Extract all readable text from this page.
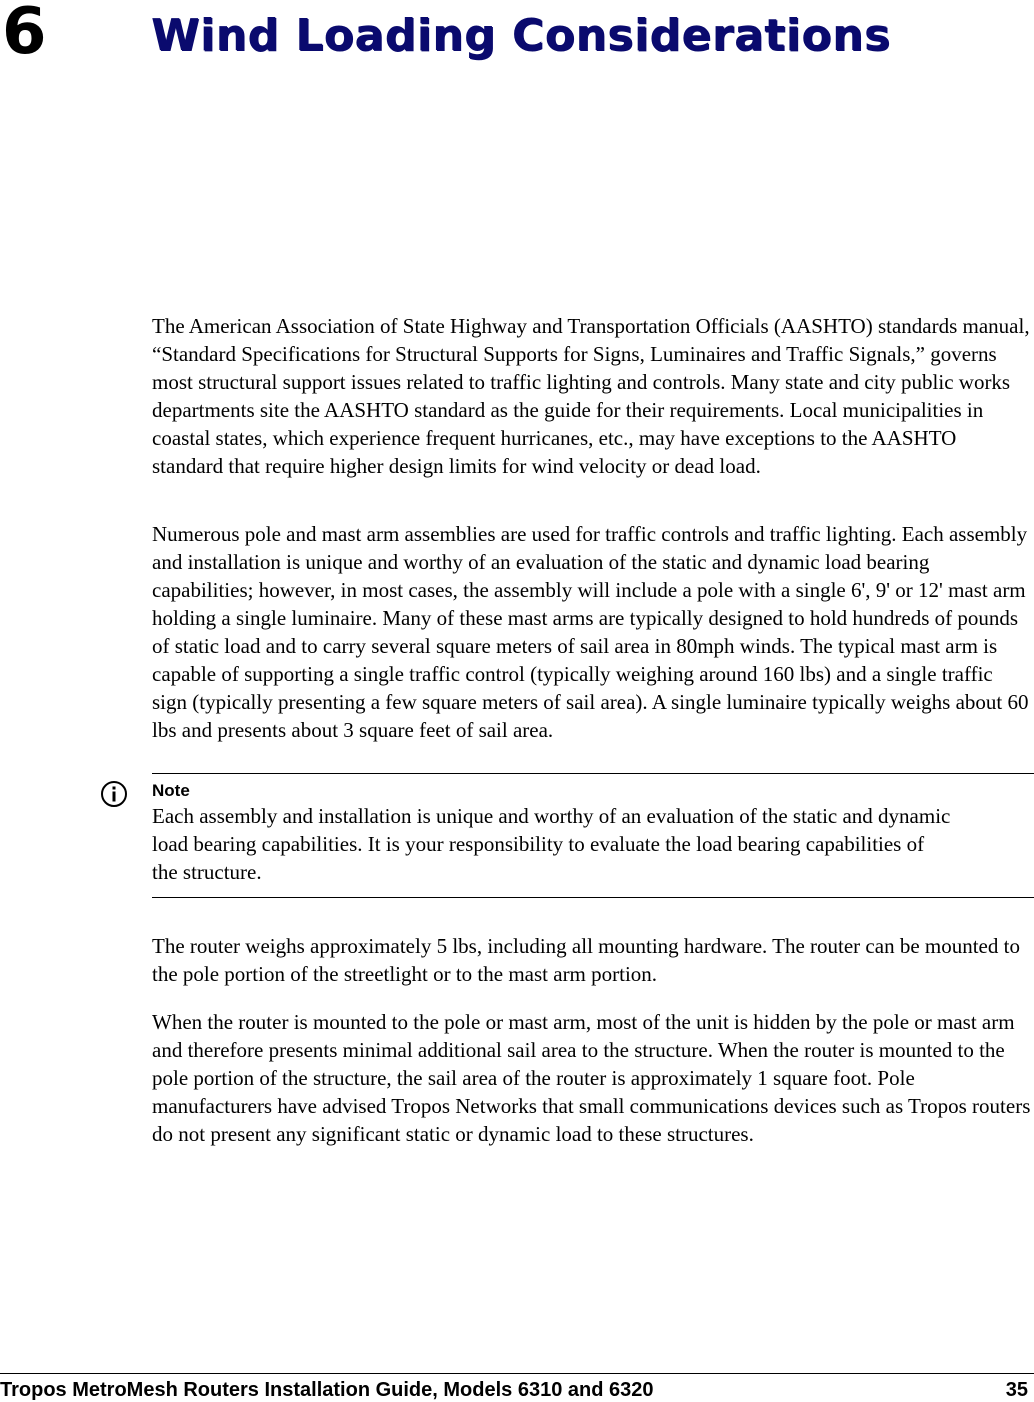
6 Wind Loading Considerations

The American Association of State Highway and Transportation Officials (AASHTO) standards manual, “Standard Specifications for Structural Supports for Signs, Luminaires and Traffic Signals,” governs most structural support issues related to traffic lighting and controls. Many state and city public works departments site the AASHTO standard as the guide for their requirements. Local municipalities in coastal states, which experience frequent hurricanes, etc., may have exceptions to the AASHTO standard that require higher design limits for wind velocity or dead load.

Numerous pole and mast arm assemblies are used for traffic controls and traffic lighting. Each assembly and installation is unique and worthy of an evaluation of the static and dynamic load bearing capabilities; however, in most cases, the assembly will include a pole with a single 6', 9' or 12' mast arm holding a single luminaire. Many of these mast arms are typically designed to hold hundreds of pounds of static load and to carry several square meters of sail area in 80mph winds. The typical mast arm is capable of supporting a single traffic control (typically weighing around 160 lbs) and a single traffic sign (typically presenting a few square meters of sail area). A single luminaire typically weighs about 60 lbs and presents about 3 square feet of sail area.

Note

Each assembly and installation is unique and worthy of an evaluation of the static and dynamic load bearing capabilities. It is your responsibility to evaluate the load bearing capabilities of the structure.

The router weighs approximately 5 lbs, including all mounting hardware. The router can be mounted to the pole portion of the streetlight or to the mast arm portion.

When the router is mounted to the pole or mast arm, most of the unit is hidden by the pole or mast arm and therefore presents minimal additional sail area to the structure. When the router is mounted to the pole portion of the structure, the sail area of the router is approximately 1 square foot. Pole manufacturers have advised Tropos Networks that small communications devices such as Tropos routers do not present any significant static or dynamic load to these structures.

Tropos MetroMesh Routers Installation Guide, Models 6310 and 6320	35
